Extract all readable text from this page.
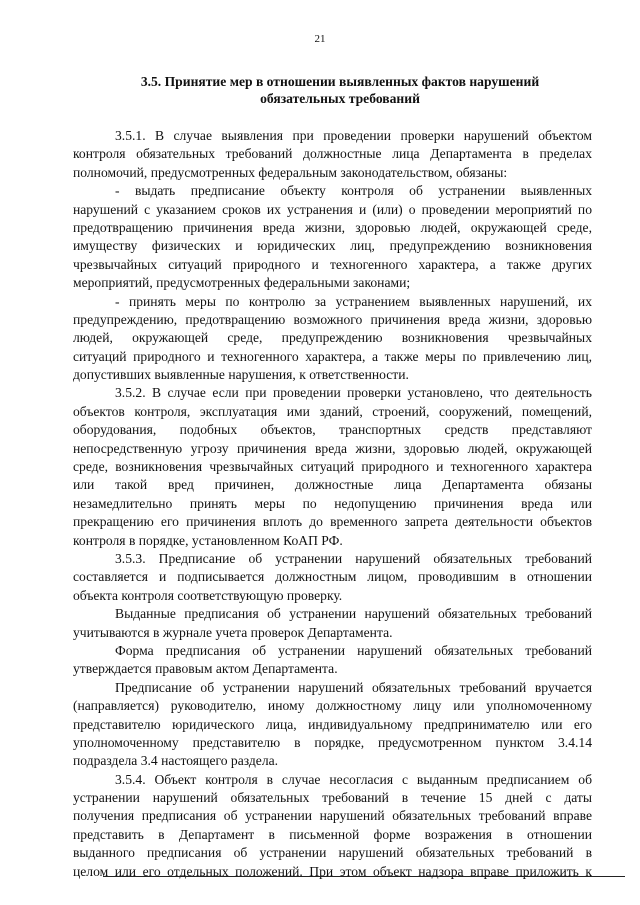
21
3.5. Принятие мер в отношении выявленных фактов нарушений
обязательных требований
3.5.1. В случае выявления при проведении проверки нарушений объектом
контроля обязательных требований должностные лица Департамента в пределах
полномочий, предусмотренных федеральным законодательством, обязаны:
- выдать предписание объекту контроля об устранении выявленных
нарушений с указанием сроков их устранения и (или) о проведении мероприятий по
предотвращению причинения вреда жизни, здоровью людей, окружающей среде,
имуществу физических и юридических лиц, предупреждению возникновения
чрезвычайных ситуаций природного и техногенного характера, а также других
мероприятий, предусмотренных федеральными законами;
- принять меры по контролю за устранением выявленных нарушений, их
предупреждению, предотвращению возможного причинения вреда жизни, здоровью
людей, окружающей среде, предупреждению возникновения чрезвычайных
ситуаций природного и техногенного характера, а также меры по привлечению лиц,
допустивших выявленные нарушения, к ответственности.
3.5.2. В случае если при проведении проверки установлено, что деятельность
объектов контроля, эксплуатация ими зданий, строений, сооружений, помещений,
оборудования, подобных объектов, транспортных средств представляют
непосредственную угрозу причинения вреда жизни, здоровью людей, окружающей
среде, возникновения чрезвычайных ситуаций природного и техногенного характера
или такой вред причинен, должностные лица Департамента обязаны
незамедлительно принять меры по недопущению причинения вреда или
прекращению его причинения вплоть до временного запрета деятельности объектов
контроля в порядке, установленном КоАП РФ.
3.5.3. Предписание об устранении нарушений обязательных требований
составляется и подписывается должностным лицом, проводившим в отношении
объекта контроля соответствующую проверку.
Выданные предписания об устранении нарушений обязательных требований
учитываются в журнале учета проверок Департамента.
Форма предписания об устранении нарушений обязательных требований
утверждается правовым актом Департамента.
Предписание об устранении нарушений обязательных требований вручается
(направляется) руководителю, иному должностному лицу или уполномоченному
представителю юридического лица, индивидуальному предпринимателю или его
уполномоченному представителю в порядке, предусмотренном пунктом 3.4.14
подраздела 3.4 настоящего раздела.
3.5.4. Объект контроля в случае несогласия с выданным предписанием об
устранении нарушений обязательных требований в течение 15 дней с даты
получения предписания об устранении нарушений обязательных требований вправе
представить в Департамент в письменной форме возражения в отношении
выданного предписания об устранении нарушений обязательных требований в
целом или его отдельных положений. При этом объект надзора вправе приложить к
